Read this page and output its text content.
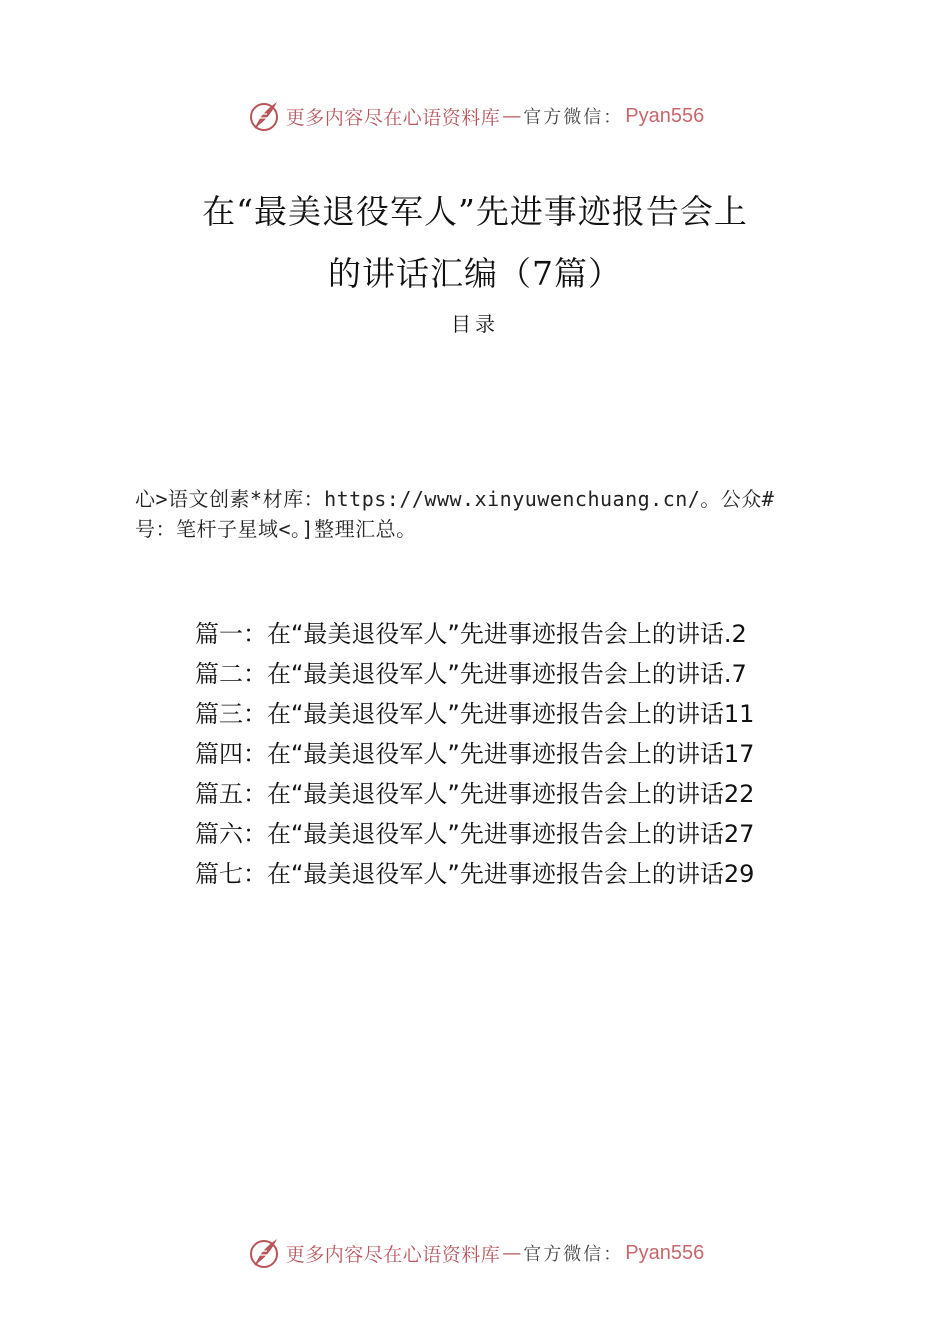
更多内容尽在心语资料库 — 官方微信： Pyan556
在“最美退役军人”先进事迹报告会上
的讲话汇编（7篇）
目录
心>语文创素*材库：https://www.xinyuwenchuang.cn/。公众#
号：笔杆子星域<。]整理汇总。
篇一：在“最美退役军人”先进事迹报告会上的讲话.2
篇二：在“最美退役军人”先进事迹报告会上的讲话.7
篇三：在“最美退役军人”先进事迹报告会上的讲话11
篇四：在“最美退役军人”先进事迹报告会上的讲话17
篇五：在“最美退役军人”先进事迹报告会上的讲话22
篇六：在“最美退役军人”先进事迹报告会上的讲话27
篇七：在“最美退役军人”先进事迹报告会上的讲话29
更多内容尽在心语资料库 — 官方微信： Pyan556
